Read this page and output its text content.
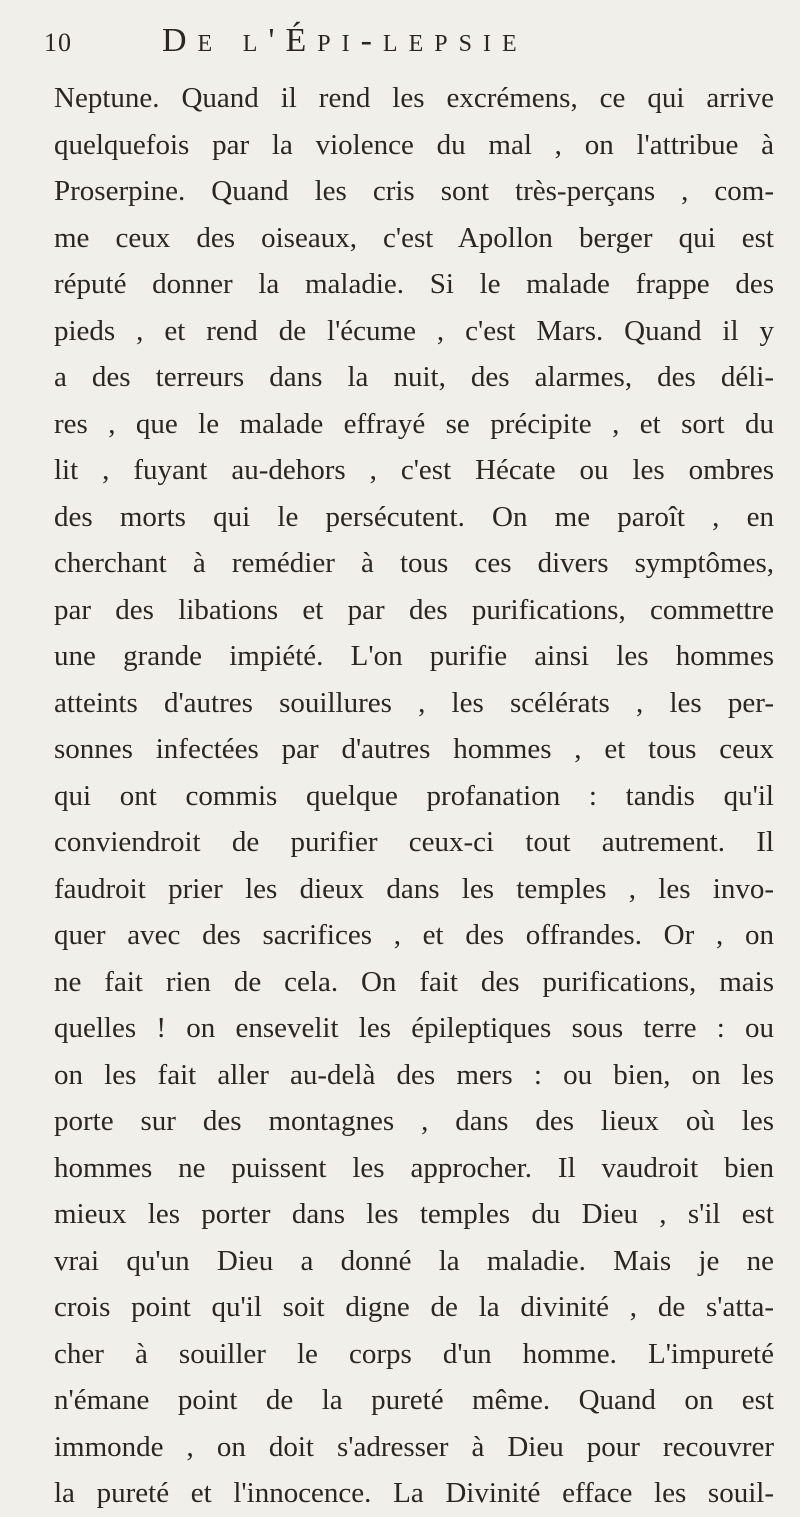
10	De l'Épi-lepsie
Neptune. Quand il rend les excrémens, ce qui arrive
quelquefois par la violence du mal , on l'attribue à
Proserpine. Quand les cris sont très-perçans , com-
me ceux des oiseaux, c'est Apollon berger qui est
réputé donner la maladie. Si le malade frappe des
pieds , et rend de l'écume , c'est Mars. Quand il y
a des terreurs dans la nuit, des alarmes, des déli-
res , que le malade effrayé se précipite , et sort du
lit , fuyant au-dehors , c'est Hécate ou les ombres
des morts qui le persécutent. On me paroît , en
cherchant à remédier à tous ces divers symptômes,
par des libations et par des purifications, commettre
une grande impiété. L'on purifie ainsi les hommes
atteints d'autres souillures , les scélérats , les per-
sonnes infectées par d'autres hommes , et tous ceux
qui ont commis quelque profanation : tandis qu'il
conviendroit de purifier ceux-ci tout autrement. Il
faudroit prier les dieux dans les temples , les invo-
quer avec des sacrifices , et des offrandes. Or , on
ne fait rien de cela. On fait des purifications, mais
quelles ! on ensevelit les épileptiques sous terre : ou
on les fait aller au-delà des mers : ou bien, on les
porte sur des montagnes , dans des lieux où les
hommes ne puissent les approcher. Il vaudroit bien
mieux les porter dans les temples du Dieu , s'il est
vrai qu'un Dieu a donné la maladie. Mais je ne
crois point qu'il soit digne de la divinité , de s'atta-
cher à souiller le corps d'un homme. L'impureté
n'émane point de la pureté même. Quand on est
immonde , on doit s'adresser à Dieu pour recouvrer
la pureté et l'innocence. La Divinité efface les souil-
